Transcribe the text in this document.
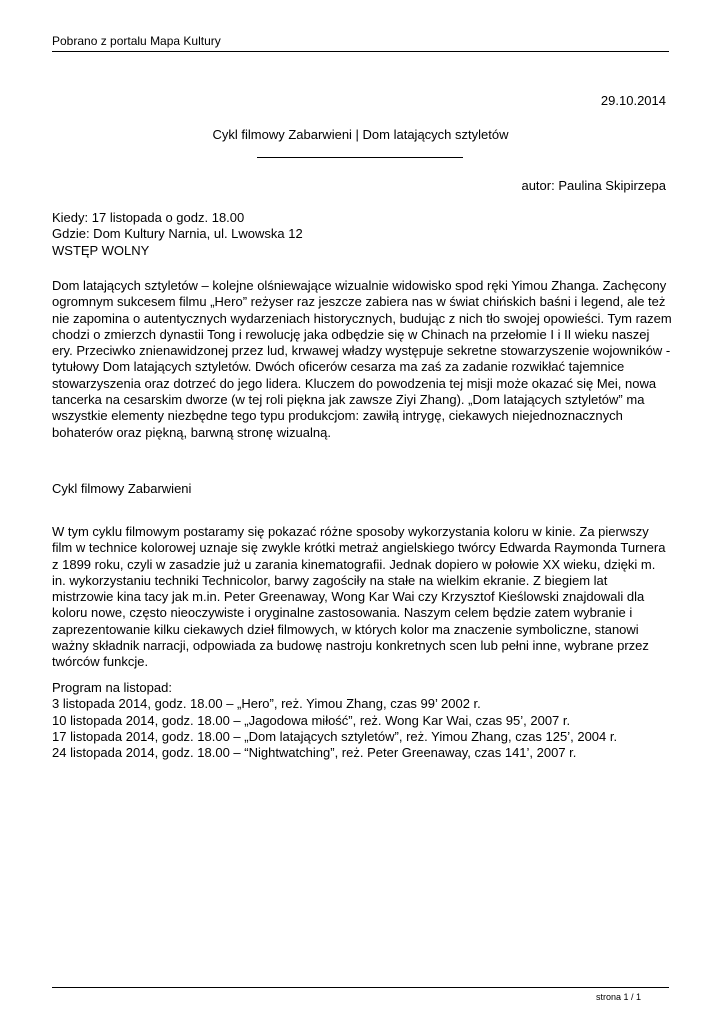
Pobrano z portalu Mapa Kultury
29.10.2014
Cykl filmowy Zabarwieni | Dom latających sztyletów
autor: Paulina Skipirzepa

Kiedy: 17 listopada o godz. 18.00

Gdzie: Dom Kultury Narnia, ul. Lwowska 12

WSTĘP WOLNY

Dom latających sztyletów – kolejne olśniewające wizualnie widowisko spod ręki Yimou Zhanga. Zachęcony ogromnym sukcesem filmu „Hero” reżyser raz jeszcze zabiera nas w świat chińskich baśni i legend, ale też nie zapomina o autentycznych wydarzeniach historycznych, budując z nich tło swojej opowieści. Tym razem chodzi o zmierzch dynastii Tong i rewolucję jaka odbędzie się w Chinach na przełomie I i II wieku naszej ery. Przeciwko znienawidzonej przez lud, krwawej władzy występuje sekretne stowarzyszenie wojowników - tytułowy Dom latających sztyletów. Dwóch oficerów cesarza ma zaś za zadanie rozwikłać tajemnice stowarzyszenia oraz dotrzeć do jego lidera. Kluczem do powodzenia tej misji może okazać się Mei, nowa tancerka na cesarskim dworze (w tej roli piękna jak zawsze Ziyi Zhang). „Dom latających sztyletów” ma wszystkie elementy niezbędne tego typu produkcjom: zawiłą intrygę, ciekawych niejednoznacznych bohaterów oraz piękną, barwną stronę wizualną.

Cykl filmowy Zabarwieni

W tym cyklu filmowym postaramy się pokazać różne sposoby wykorzystania koloru w kinie. Za pierwszy film w technice kolorowej uznaje się zwykle krótki metraż angielskiego twórcy Edwarda Raymonda Turnera z 1899 roku, czyli w zasadzie już u zarania kinematografii. Jednak dopiero w połowie XX wieku, dzięki m. in. wykorzystaniu techniki Technicolor, barwy zagościły na stałe na wielkim ekranie. Z biegiem lat mistrzowie kina tacy jak m.in. Peter Greenaway, Wong Kar Wai czy Krzysztof Kieślowski znajdowali dla koloru nowe, często nieoczywiste i oryginalne zastosowania. Naszym celem będzie zatem wybranie i zaprezentowanie kilku ciekawych dzieł filmowych, w których kolor ma znaczenie symboliczne, stanowi ważny składnik narracji, odpowiada za budowę nastroju konkretnych scen lub pełni inne, wybrane przez twórców funkcje.

Program na listopad:

3 listopada 2014, godz. 18.00 – „Hero”, reż. Yimou Zhang, czas 99’ 2002 r.

10 listopada 2014, godz. 18.00 – „Jagodowa miłość”, reż. Wong Kar Wai, czas 95’, 2007 r.

17 listopada 2014, godz. 18.00 – „Dom latających sztyletów”, reż. Yimou Zhang, czas 125’, 2004 r.

24 listopada 2014, godz. 18.00 – “Nightwatching”, reż. Peter Greenaway, czas 141’, 2007 r.

strona 1 / 1
